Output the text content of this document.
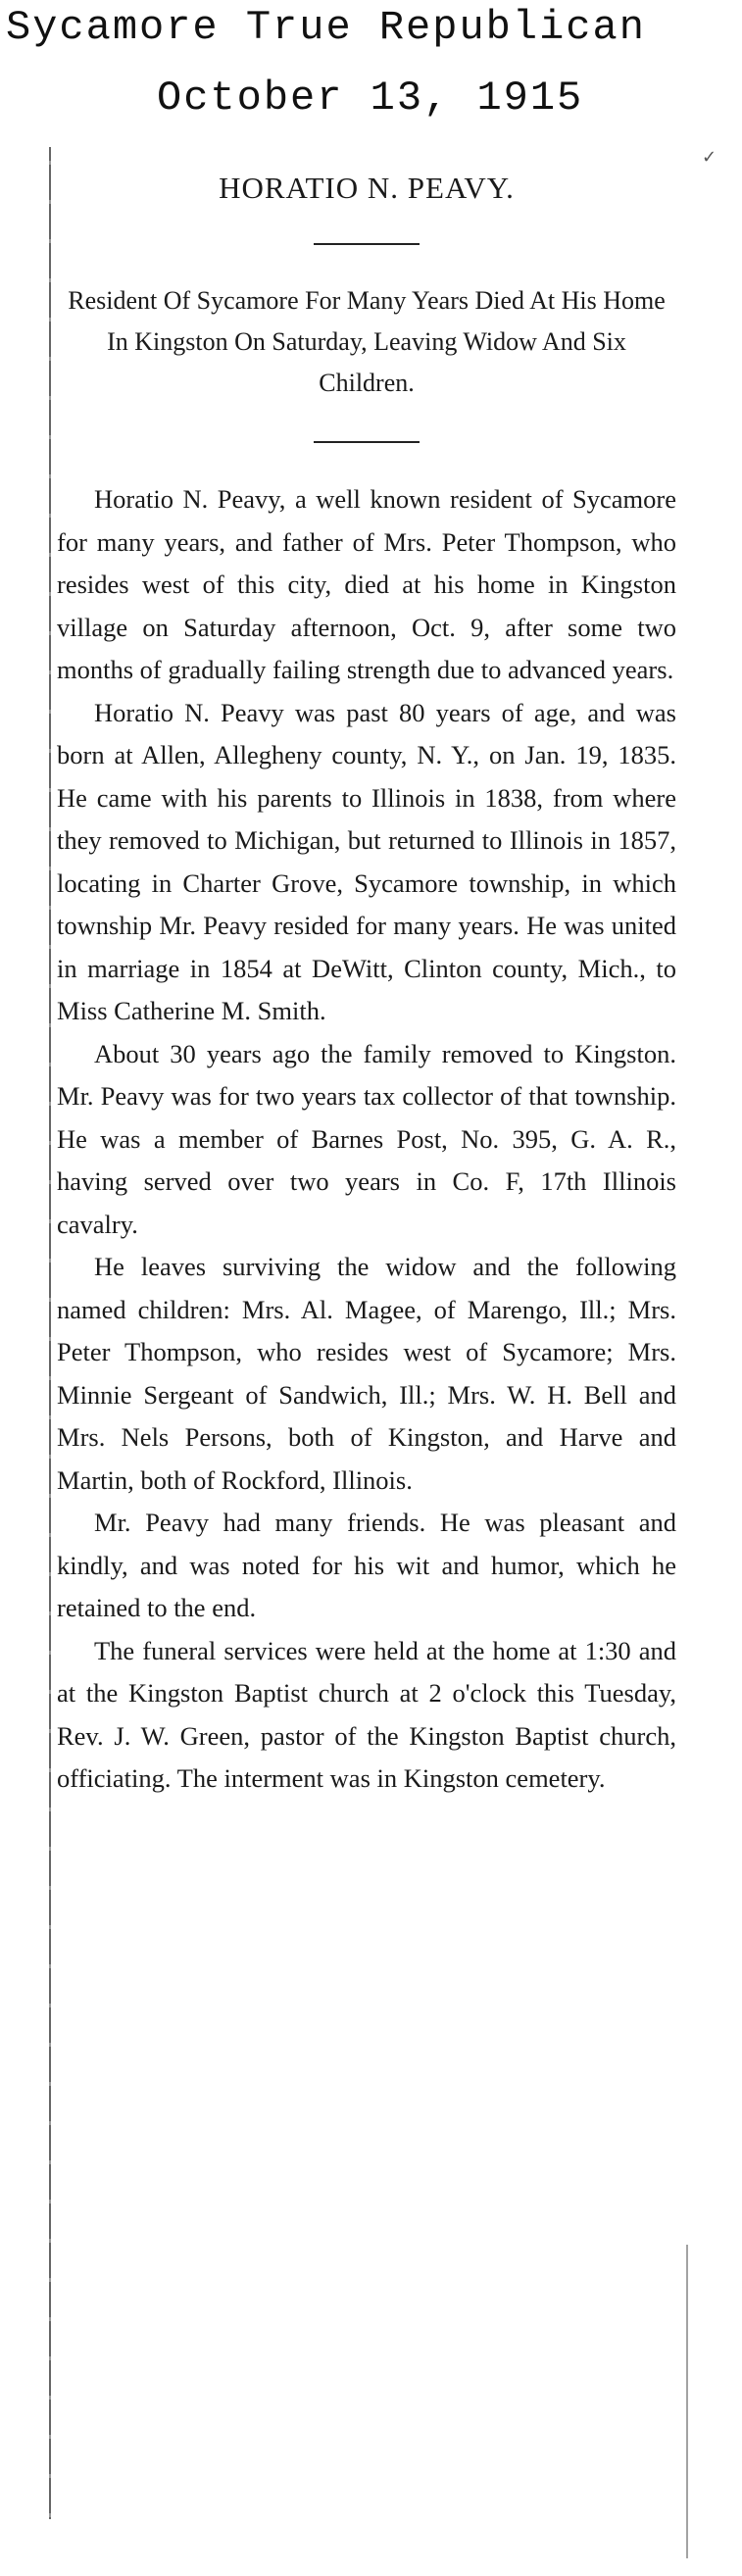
Sycamore True Republican
October 13, 1915
✓
HORATIO N. PEAVY.
Resident Of Sycamore For Many Years Died At His Home In Kingston On Saturday, Leaving Widow And Six Children.

Horatio N. Peavy, a well known resident of Sycamore for many years, and father of Mrs. Peter Thompson, who resides west of this city, died at his home in Kingston village on Saturday afternoon, Oct. 9, after some two months of gradually failing strength due to advanced years.

Horatio N. Peavy was past 80 years of age, and was born at Allen, Allegheny county, N. Y., on Jan. 19, 1835. He came with his parents to Illinois in 1838, from where they removed to Michigan, but returned to Illinois in 1857, locating in Charter Grove, Sycamore township, in which township Mr. Peavy resided for many years. He was united in marriage in 1854 at DeWitt, Clinton county, Mich., to Miss Catherine M. Smith.

About 30 years ago the family removed to Kingston. Mr. Peavy was for two years tax collector of that township. He was a member of Barnes Post, No. 395, G. A. R., having served over two years in Co. F, 17th Illinois cavalry.

He leaves surviving the widow and the following named children: Mrs. Al. Magee, of Marengo, Ill.; Mrs. Peter Thompson, who resides west of Sycamore; Mrs. Minnie Sergeant of Sandwich, Ill.; Mrs. W. H. Bell and Mrs. Nels Persons, both of Kingston, and Harve and Martin, both of Rockford, Illinois.

Mr. Peavy had many friends. He was pleasant and kindly, and was noted for his wit and humor, which he retained to the end.

The funeral services were held at the home at 1:30 and at the Kingston Baptist church at 2 o'clock this Tuesday, Rev. J. W. Green, pastor of the Kingston Baptist church, officiating. The interment was in Kingston cemetery.
